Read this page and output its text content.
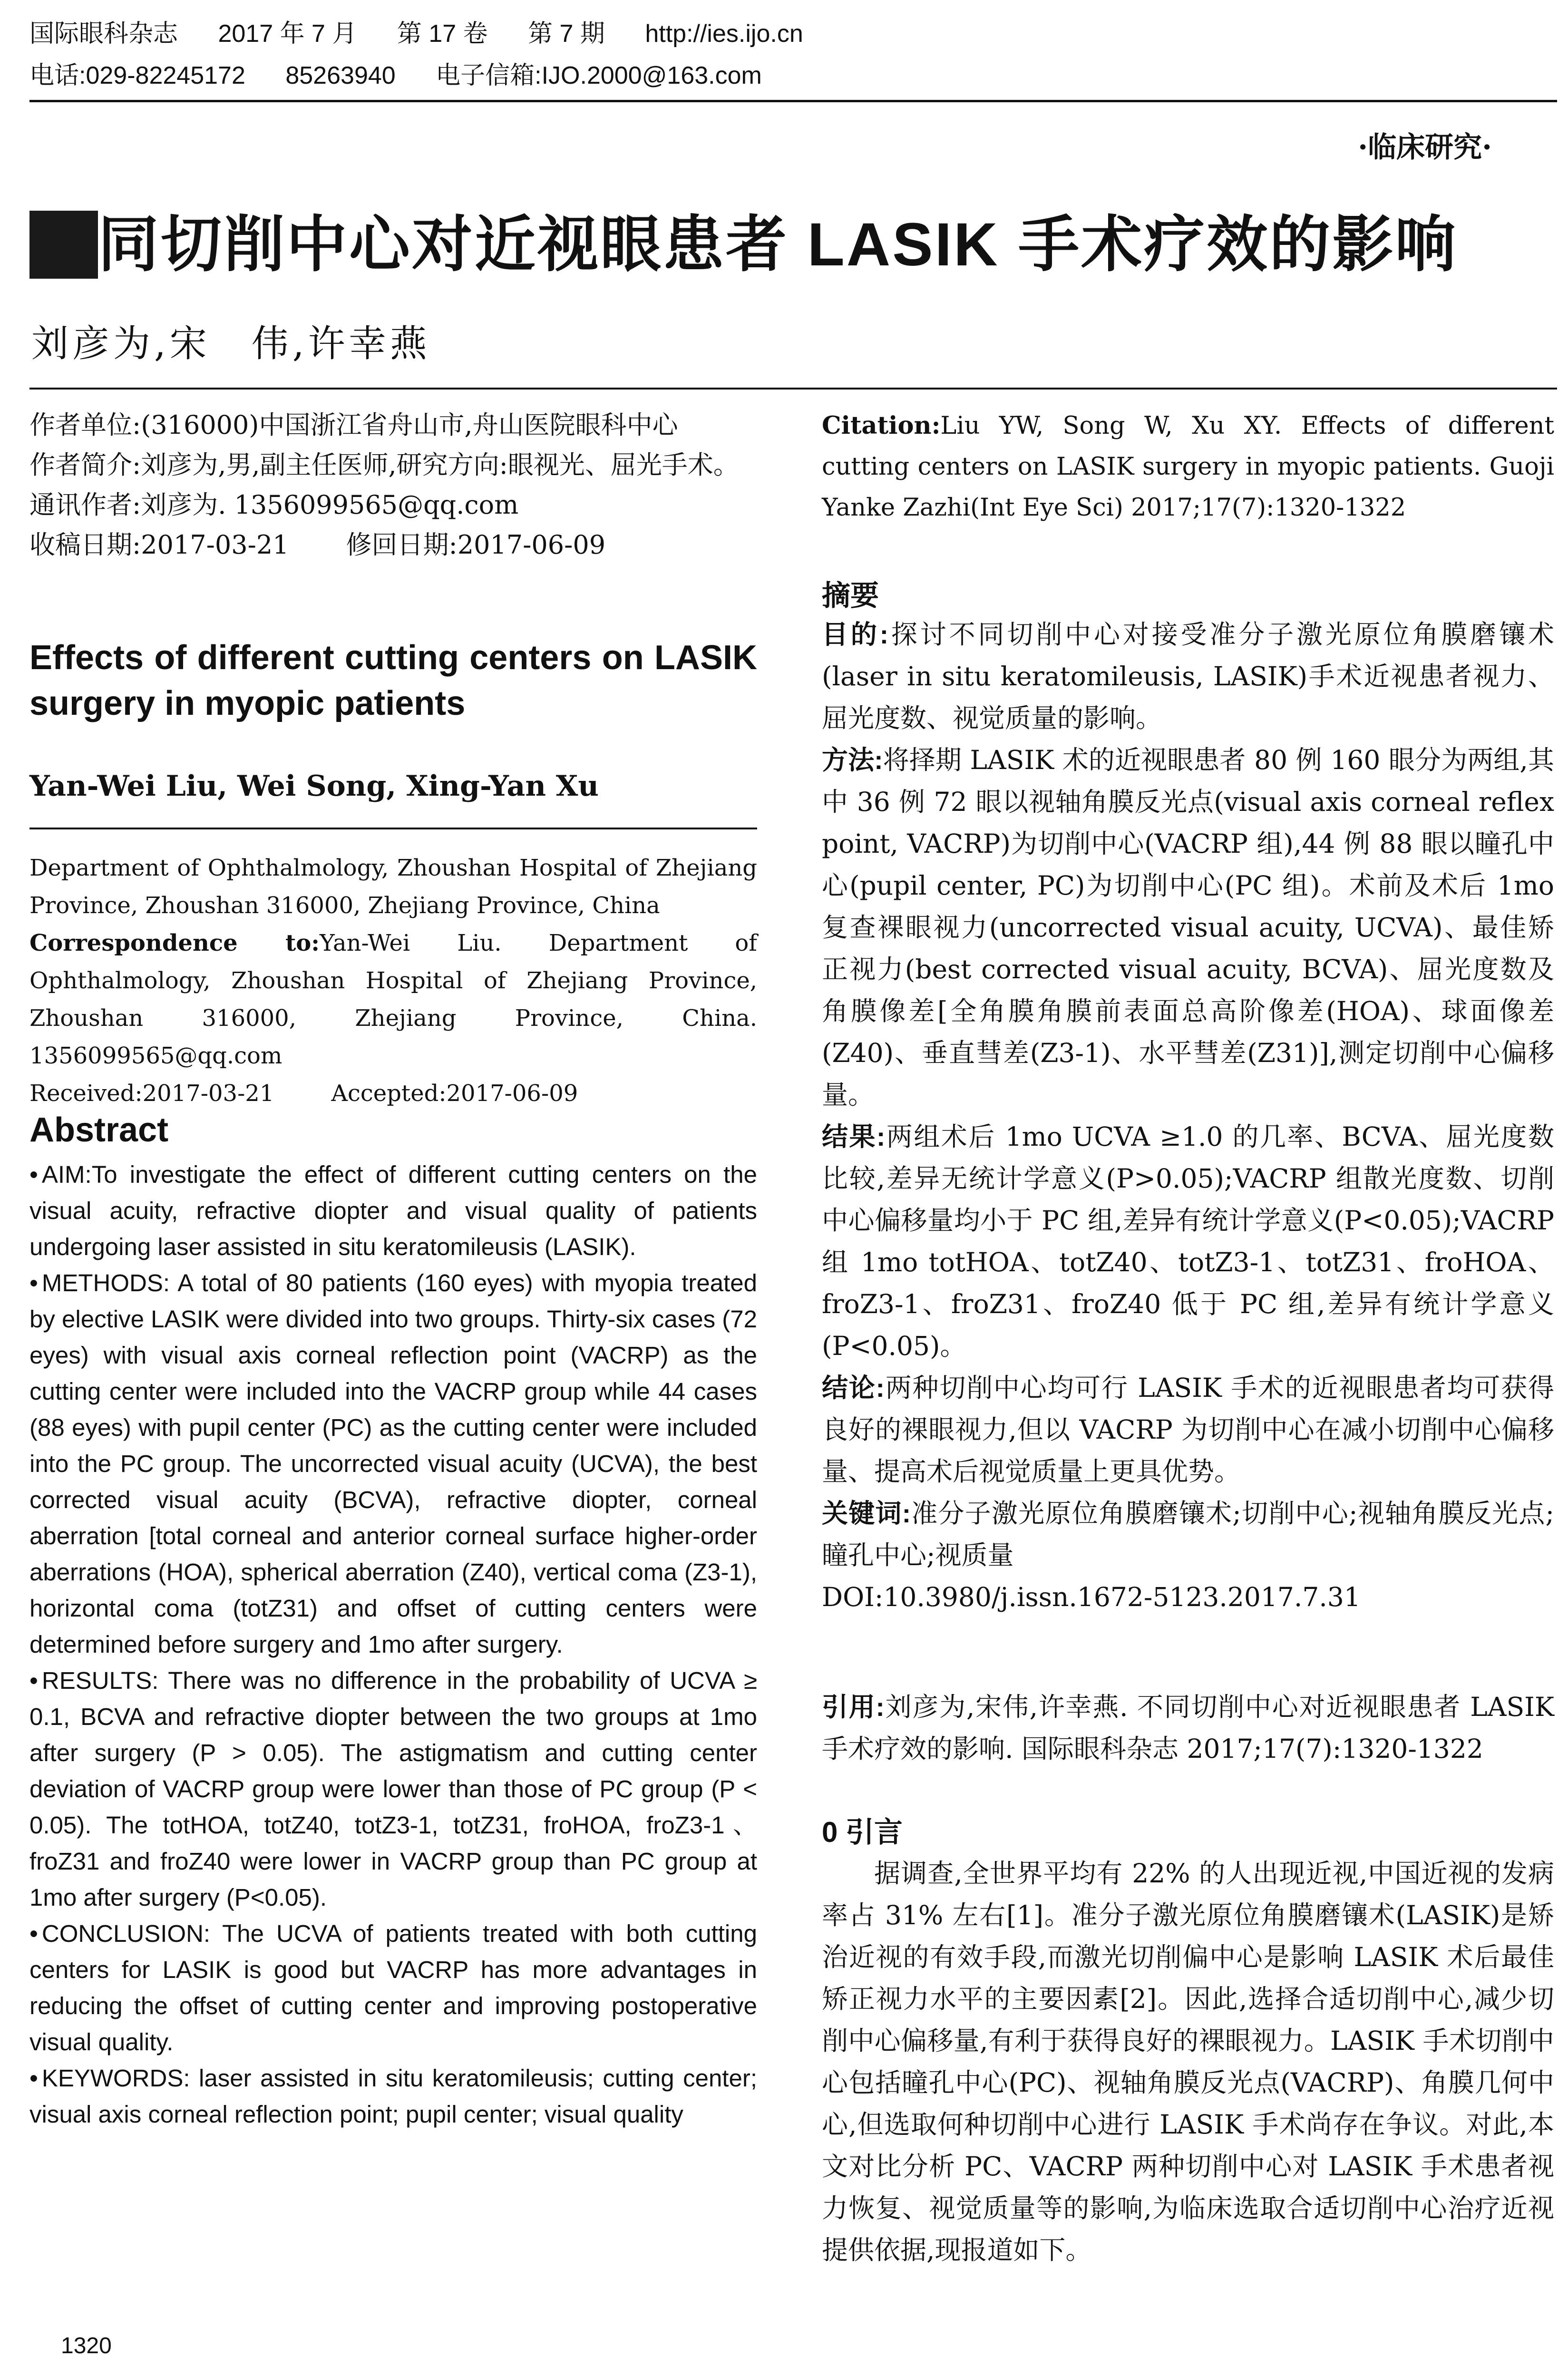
国际眼科杂志 2017 年 7 月 第 17 卷 第 7 期 http://ies.ijo.cn
电话:029-82245172 85263940 电子信箱:IJO.2000@163.com
·临床研究·
不同切削中心对近视眼患者 LASIK 手术疗效的影响
刘彦为,宋　伟,许幸燕

作者单位:(316000)中国浙江省舟山市,舟山医院眼科中心

作者简介:刘彦为,男,副主任医师,研究方向:眼视光、屈光手术。

通讯作者:刘彦为. 1356099565@qq.com

收稿日期:2017-03-21 修回日期:2017-06-09

Effects of different cutting centers on LASIK surgery in myopic patients
Yan-Wei Liu, Wei Song, Xing-Yan Xu

Department of Ophthalmology, Zhoushan Hospital of Zhejiang Province, Zhoushan 316000, Zhejiang Province, China

Correspondence to:Yan-Wei Liu. Department of Ophthalmology, Zhoushan Hospital of Zhejiang Province, Zhoushan 316000, Zhejiang Province, China. 1356099565@qq.com

Received:2017-03-21	Accepted:2017-06-09

Abstract

• AIM:To investigate the effect of different cutting centers on the visual acuity, refractive diopter and visual quality of patients undergoing laser assisted in situ keratomileusis (LASIK).

• METHODS: A total of 80 patients (160 eyes) with myopia treated by elective LASIK were divided into two groups. Thirty-six cases (72 eyes) with visual axis corneal reflection point (VACRP) as the cutting center were included into the VACRP group while 44 cases (88 eyes) with pupil center (PC) as the cutting center were included into the PC group. The uncorrected visual acuity (UCVA), the best corrected visual acuity (BCVA), refractive diopter, corneal aberration [total corneal and anterior corneal surface higher-order aberrations (HOA), spherical aberration (Z40), vertical coma (Z3-1), horizontal coma (totZ31) and offset of cutting centers were determined before surgery and 1mo after surgery.

• RESULTS: There was no difference in the probability of UCVA ≥ 0.1, BCVA and refractive diopter between the two groups at 1mo after surgery (P > 0.05). The astigmatism and cutting center deviation of VACRP group were lower than those of PC group (P < 0.05). The totHOA, totZ40, totZ3-1, totZ31, froHOA, froZ3-1、froZ31 and froZ40 were lower in VACRP group than PC group at 1mo after surgery (P<0.05).

• CONCLUSION: The UCVA of patients treated with both cutting centers for LASIK is good but VACRP has more advantages in reducing the offset of cutting center and improving postoperative visual quality.

• KEYWORDS: laser assisted in situ keratomileusis; cutting center; visual axis corneal reflection point; pupil center; visual quality

1320
Citation:Liu YW, Song W, Xu XY. Effects of different cutting centers on LASIK surgery in myopic patients. Guoji Yanke Zazhi(Int Eye Sci) 2017;17(7):1320-1322
摘要

目的:探讨不同切削中心对接受准分子激光原位角膜磨镶术(laser in situ keratomileusis, LASIK)手术近视患者视力、屈光度数、视觉质量的影响。

方法:将择期 LASIK 术的近视眼患者 80 例 160 眼分为两组,其中 36 例 72 眼以视轴角膜反光点(visual axis corneal reflex point, VACRP)为切削中心(VACRP 组),44 例 88 眼以瞳孔中心(pupil center, PC)为切削中心(PC 组)。术前及术后 1mo 复查裸眼视力(uncorrected visual acuity, UCVA)、最佳矫正视力(best corrected visual acuity, BCVA)、屈光度数及角膜像差[全角膜角膜前表面总高阶像差(HOA)、球面像差(Z40)、垂直彗差(Z3-1)、水平彗差(Z31)],测定切削中心偏移量。

结果:两组术后 1mo UCVA ≥1.0 的几率、BCVA、屈光度数比较,差异无统计学意义(P>0.05);VACRP 组散光度数、切削中心偏移量均小于 PC 组,差异有统计学意义(P<0.05);VACRP 组 1mo totHOA、totZ40、totZ3-1、totZ31、froHOA、froZ3-1、froZ31、froZ40 低于 PC 组,差异有统计学意义(P<0.05)。

结论:两种切削中心均可行 LASIK 手术的近视眼患者均可获得良好的裸眼视力,但以 VACRP 为切削中心在减小切削中心偏移量、提高术后视觉质量上更具优势。

关键词:准分子激光原位角膜磨镶术;切削中心;视轴角膜反光点;瞳孔中心;视质量

DOI:10.3980/j.issn.1672-5123.2017.7.31

引用:刘彦为,宋伟,许幸燕. 不同切削中心对近视眼患者 LASIK 手术疗效的影响. 国际眼科杂志 2017;17(7):1320-1322

0 引言

据调查,全世界平均有 22% 的人出现近视,中国近视的发病率占 31% 左右[1]。准分子激光原位角膜磨镶术(LASIK)是矫治近视的有效手段,而激光切削偏中心是影响 LASIK 术后最佳矫正视力水平的主要因素[2]。因此,选择合适切削中心,减少切削中心偏移量,有利于获得良好的裸眼视力。LASIK 手术切削中心包括瞳孔中心(PC)、视轴角膜反光点(VACRP)、角膜几何中心,但选取何种切削中心进行 LASIK 手术尚存在争议。对此,本文对比分析 PC、VACRP 两种切削中心对 LASIK 手术患者视力恢复、视觉质量等的影响,为临床选取合适切削中心治疗近视提供依据,现报道如下。
